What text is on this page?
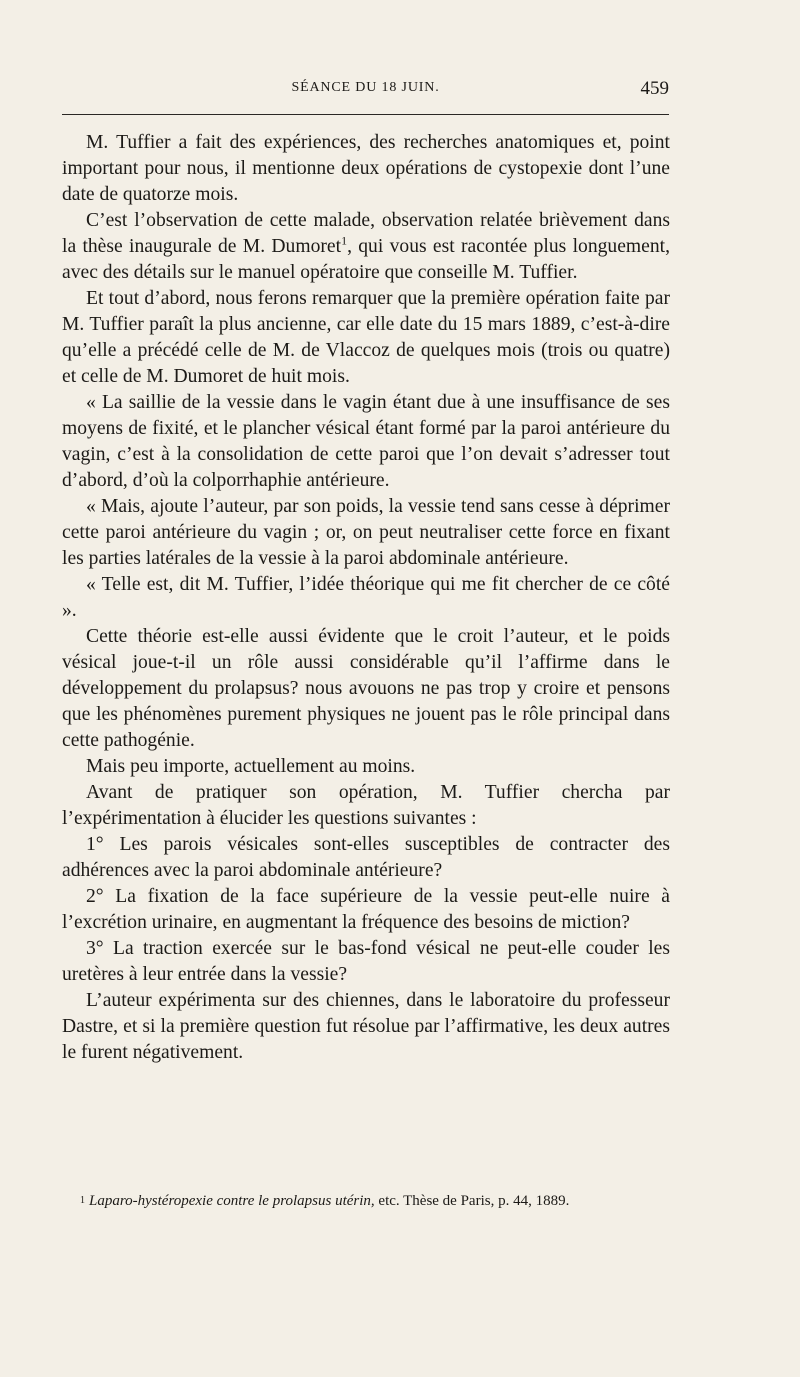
SÉANCE DU 18 JUIN.	459

M. Tuffier a fait des expériences, des recherches anatomiques et, point important pour nous, il mentionne deux opérations de cystopexie dont l’une date de quatorze mois.

C’est l’observation de cette malade, observation relatée brièvement dans la thèse inaugurale de M. Dumoret$^1$, qui vous est racontée plus longuement, avec des détails sur le manuel opératoire que conseille M. Tuffier.

Et tout d’abord, nous ferons remarquer que la première opération faite par M. Tuffier paraît la plus ancienne, car elle date du 15 mars 1889, c’est-à-dire qu’elle a précédé celle de M. de Vlaccoz de quelques mois (trois ou quatre) et celle de M. Dumoret de huit mois.

« La saillie de la vessie dans le vagin étant due à une insuffisance de ses moyens de fixité, et le plancher vésical étant formé par la paroi antérieure du vagin, c’est à la consolidation de cette paroi que l’on devait s’adresser tout d’abord, d’où la colporrhaphie antérieure.

« Mais, ajoute l’auteur, par son poids, la vessie tend sans cesse à déprimer cette paroi antérieure du vagin ; or, on peut neutraliser cette force en fixant les parties latérales de la vessie à la paroi abdominale antérieure.

« Telle est, dit M. Tuffier, l’idée théorique qui me fit chercher de ce côté ».

Cette théorie est-elle aussi évidente que le croit l’auteur, et le poids vésical joue-t-il un rôle aussi considérable qu’il l’affirme dans le développement du prolapsus? nous avouons ne pas trop y croire et pensons que les phénomènes purement physiques ne jouent pas le rôle principal dans cette pathogénie.

Mais peu importe, actuellement au moins.

Avant de pratiquer son opération, M. Tuffier chercha par l’expérimentation à élucider les questions suivantes :

1° Les parois vésicales sont-elles susceptibles de contracter des adhérences avec la paroi abdominale antérieure?

2° La fixation de la face supérieure de la vessie peut-elle nuire à l’excrétion urinaire, en augmentant la fréquence des besoins de miction?

3° La traction exercée sur le bas-fond vésical ne peut-elle couder les uretères à leur entrée dans la vessie?

L’auteur expérimenta sur des chiennes, dans le laboratoire du professeur Dastre, et si la première question fut résolue par l’affirmative, les deux autres le furent négativement.

$^1$ Laparo-hystéropexie contre le prolapsus utérin, etc. Thèse de Paris, p. 44, 1889.
